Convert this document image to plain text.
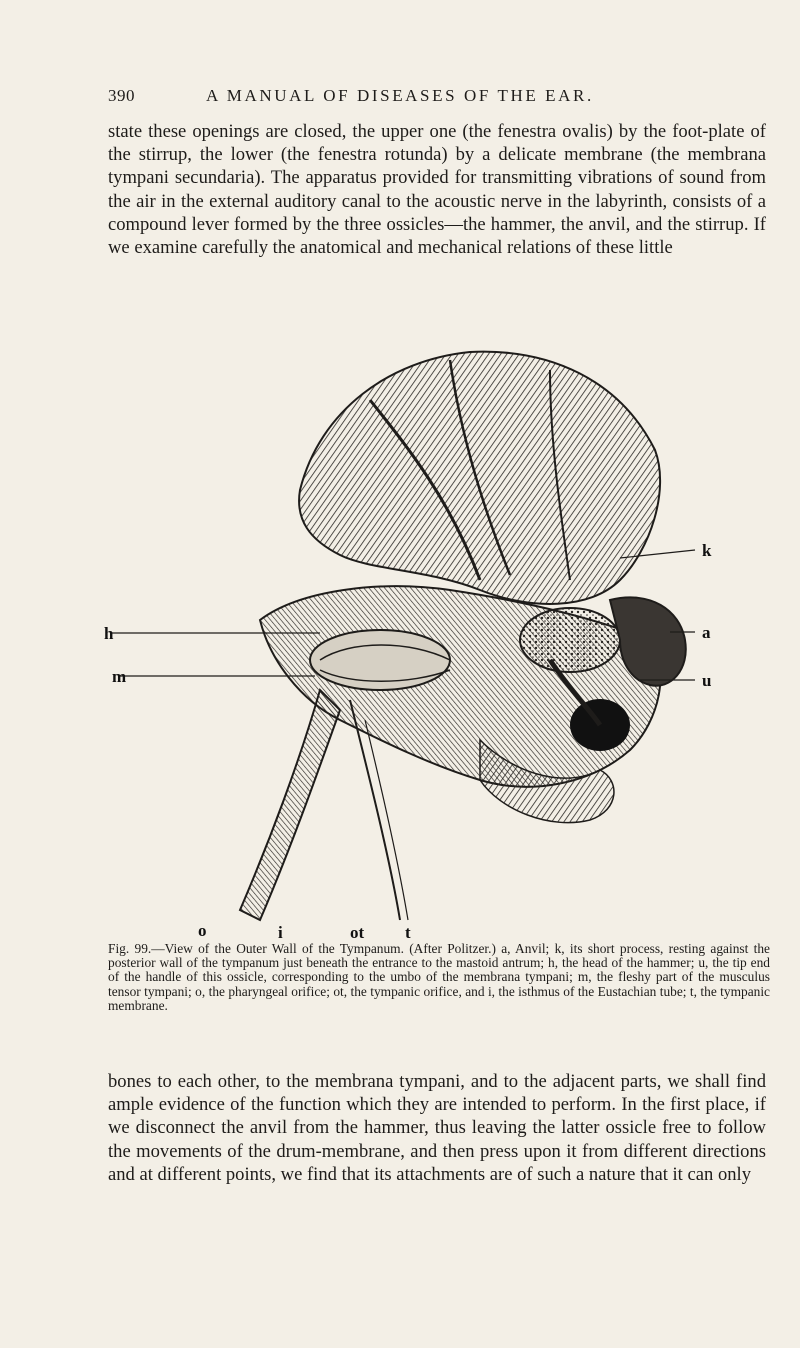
390	A MANUAL OF DISEASES OF THE EAR.

state these openings are closed, the upper one (the fenestra ovalis) by the foot-plate of the stirrup, the lower (the fenestra rotunda) by a delicate membrane (the membrana tympani secundaria). The apparatus provided for transmitting vibrations of sound from the air in the external auditory canal to the acoustic nerve in the labyrinth, consists of a compound lever formed by the three ossicles—the hammer, the anvil, and the stirrup. If we examine carefully the anatomical and mechanical relations of these little

k
h	a
m	u
o	i	ot t

Fig. 99.—View of the Outer Wall of the Tympanum. (After Politzer.) a, Anvil; k, its short process, resting against the posterior wall of the tympanum just beneath the entrance to the mastoid antrum; h, the head of the hammer; u, the tip end of the handle of this ossicle, corresponding to the umbo of the membrana tympani; m, the fleshy part of the musculus tensor tympani; o, the pharyngeal orifice; ot, the tympanic orifice, and i, the isthmus of the Eustachian tube; t, the tympanic membrane.

bones to each other, to the membrana tympani, and to the adjacent parts, we shall find ample evidence of the function which they are intended to perform. In the first place, if we disconnect the anvil from the hammer, thus leaving the latter ossicle free to follow the movements of the drum-membrane, and then press upon it from different directions and at different points, we find that its attachments are of such a nature that it can only
